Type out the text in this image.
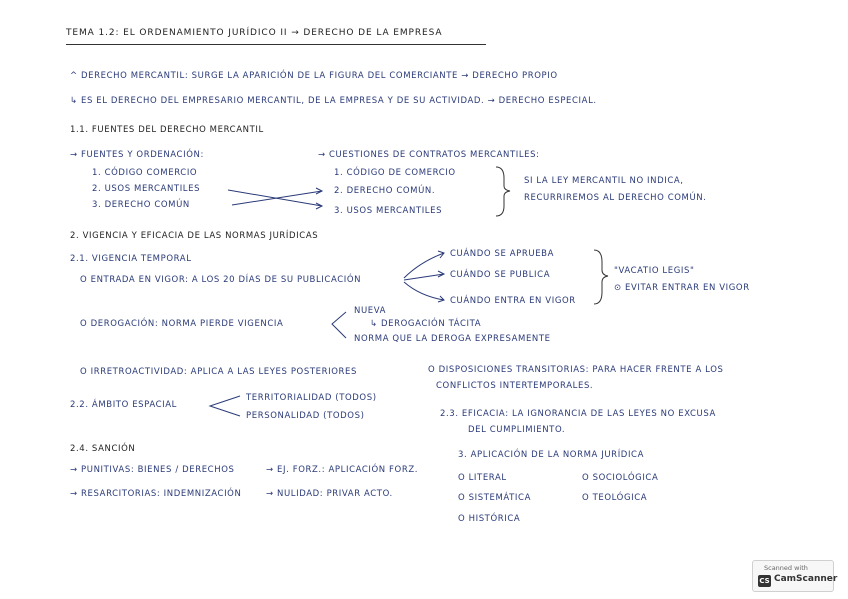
TEMA 1.2: EL ORDENAMIENTO JURÍDICO II → DERECHO DE LA EMPRESA
^ DERECHO MERCANTIL: SURGE LA APARICIÓN DE LA FIGURA DEL COMERCIANTE → DERECHO PROPIO
↳ ES EL DERECHO DEL EMPRESARIO MERCANTIL, DE LA EMPRESA Y DE SU ACTIVIDAD. → DERECHO ESPECIAL.
1.1. FUENTES DEL DERECHO MERCANTIL
→ FUENTES Y ORDENACIÓN:
1. CÓDIGO COMERCIO
2. USOS MERCANTILES
3. DERECHO COMÚN
→ CUESTIONES DE CONTRATOS MERCANTILES:
1. CÓDIGO DE COMERCIO
2. DERECHO COMÚN.
3. USOS MERCANTILES
SI LA LEY MERCANTIL NO INDICA,
RECURRIREMOS AL DERECHO COMÚN.
2. VIGENCIA Y EFICACIA DE LAS NORMAS JURÍDICAS
2.1. VIGENCIA TEMPORAL
O ENTRADA EN VIGOR: A LOS 20 DÍAS DE SU PUBLICACIÓN
CUÁNDO SE APRUEBA
CUÁNDO SE PUBLICA
CUÁNDO ENTRA EN VIGOR
"VACATIO LEGIS"
⊙ EVITAR ENTRAR EN VIGOR
O DEROGACIÓN: NORMA PIERDE VIGENCIA
NUEVA
↳ DEROGACIÓN TÁCITA
NORMA QUE LA DEROGA EXPRESAMENTE
O IRRETROACTIVIDAD: APLICA A LAS LEYES POSTERIORES	O DISPOSICIONES TRANSITORIAS: PARA HACER FRENTE A LOS
CONFLICTOS INTERTEMPORALES.
2.2. ÁMBITO ESPACIAL
TERRITORIALIDAD (TODOS)
PERSONALIDAD (TODOS)	2.3. EFICACIA: LA IGNORANCIA DE LAS LEYES NO EXCUSA
DEL CUMPLIMIENTO.
3. APLICACIÓN DE LA NORMA JURÍDICA
O LITERAL
O SISTEMÁTICA
O HISTÓRICA
O SOCIOLÓGICA
O TEOLÓGICA
2.4. SANCIÓN
→ PUNITIVAS: BIENES / DERECHOS	→ EJ. FORZ.: APLICACIÓN FORZ.
→ RESARCITORIAS: INDEMNIZACIÓN	→ NULIDAD: PRIVAR ACTO.
Scanned with
CS CamScanner
